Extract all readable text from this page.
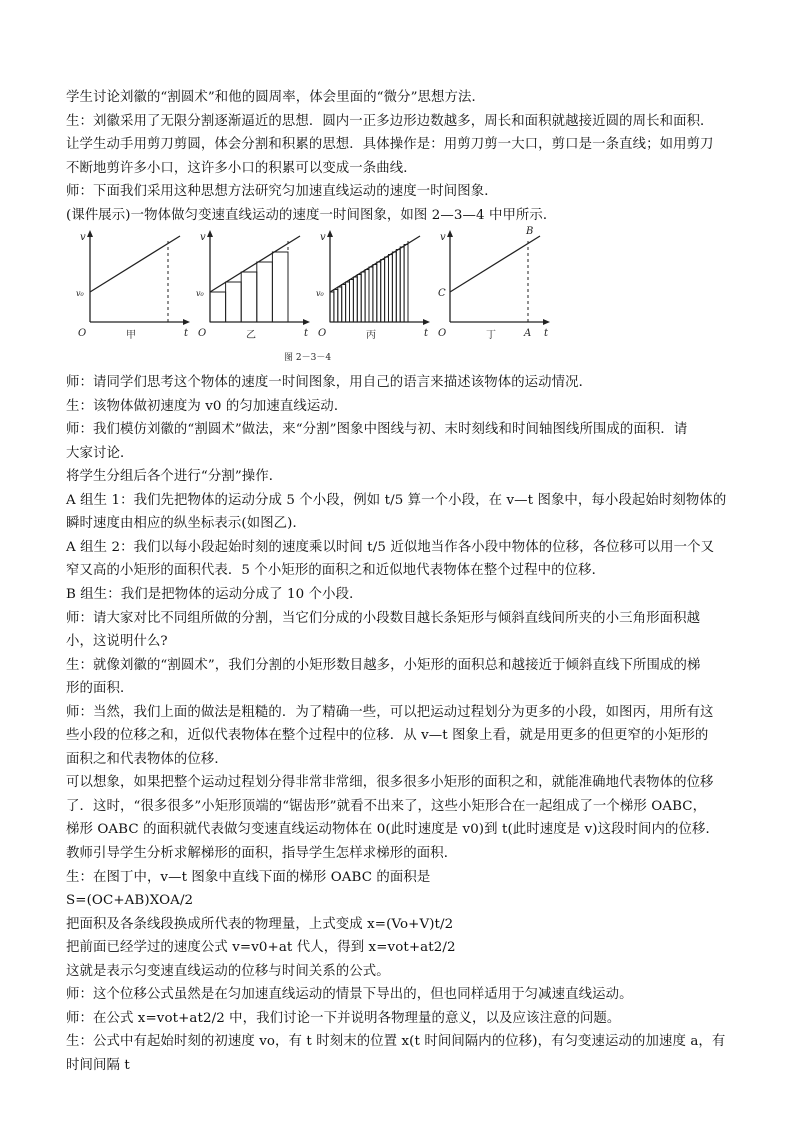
学生讨论刘徽的“割圆术”和他的圆周率，体会里面的“微分”思想方法．
生：刘徽采用了无限分割逐渐逼近的思想．圆内一正多边形边数越多，周长和面积就越接近圆的周长和面积．
让学生动手用剪刀剪圆，体会分割和积累的思想．具体操作是：用剪刀剪一大口，剪口是一条直线；如用剪刀
不断地剪许多小口，这许多小口的积累可以变成一条曲线．
师：下面我们采用这种思想方法研究匀加速直线运动的速度一时间图象．
(课件展示)一物体做匀变速直线运动的速度一时间图象，如图 2—3—4 中甲所示．
v
t
O
v₀
甲
v
t
O
v₀
乙
v
t
O
v₀
丙
v
t
O
C
B
A
丁
图 2－3－4
师：请同学们思考这个物体的速度一时间图象，用自己的语言来描述该物体的运动情况．
生：该物体做初速度为 v0 的匀加速直线运动．
师：我们模仿刘徽的“割圆术”做法，来“分割”图象中图线与初、末时刻线和时间轴图线所围成的面积．请
大家讨论．
将学生分组后各个进行“分割”操作．
A 组生 1：我们先把物体的运动分成 5 个小段，例如 t/5 算一个小段，在 v—t 图象中，每小段起始时刻物体的
瞬时速度由相应的纵坐标表示(如图乙)．
A 组生 2：我们以每小段起始时刻的速度乘以时间 t/5 近似地当作各小段中物体的位移，各位移可以用一个又
窄又高的小矩形的面积代表．5 个小矩形的面积之和近似地代表物体在整个过程中的位移．
B 组生：我们是把物体的运动分成了 10 个小段．
师：请大家对比不同组所做的分割，当它们分成的小段数目越长条矩形与倾斜直线间所夹的小三角形面积越
小，这说明什么?
生：就像刘徽的“割圆术”，我们分割的小矩形数目越多，小矩形的面积总和越接近于倾斜直线下所围成的梯
形的面积．
师：当然，我们上面的做法是粗糙的．为了精确一些，可以把运动过程划分为更多的小段，如图丙，用所有这
些小段的位移之和，近似代表物体在整个过程中的位移．从 v—t 图象上看，就是用更多的但更窄的小矩形的
面积之和代表物体的位移．
可以想象，如果把整个运动过程划分得非常非常细，很多很多小矩形的面积之和，就能准确地代表物体的位移
了．这时，“很多很多”小矩形顶端的“锯齿形”就看不出来了，这些小矩形合在一起组成了一个梯形 OABC，
梯形 OABC 的面积就代表做匀变速直线运动物体在 0(此时速度是 v0)到 t(此时速度是 v)这段时间内的位移．
教师引导学生分析求解梯形的面积，指导学生怎样求梯形的面积．
生：在图丁中，v—t 图象中直线下面的梯形 OABC 的面积是
S=(OC+AB)XOA/2
把面积及各条线段换成所代表的物理量，上式变成 x=(Vo+V)t/2
把前面已经学过的速度公式 v=v0+at 代人，得到 x=vot+at2/2
这就是表示匀变速直线运动的位移与时间关系的公式。
师：这个位移公式虽然是在匀加速直线运动的情景下导出的，但也同样适用于匀减速直线运动。
师：在公式 x=vot+at2/2 中，我们讨论一下并说明各物理量的意义，以及应该注意的问题。
生：公式中有起始时刻的初速度 vo，有 t 时刻末的位置 x(t 时间间隔内的位移)，有匀变速运动的加速度 a，有
时间间隔 t
